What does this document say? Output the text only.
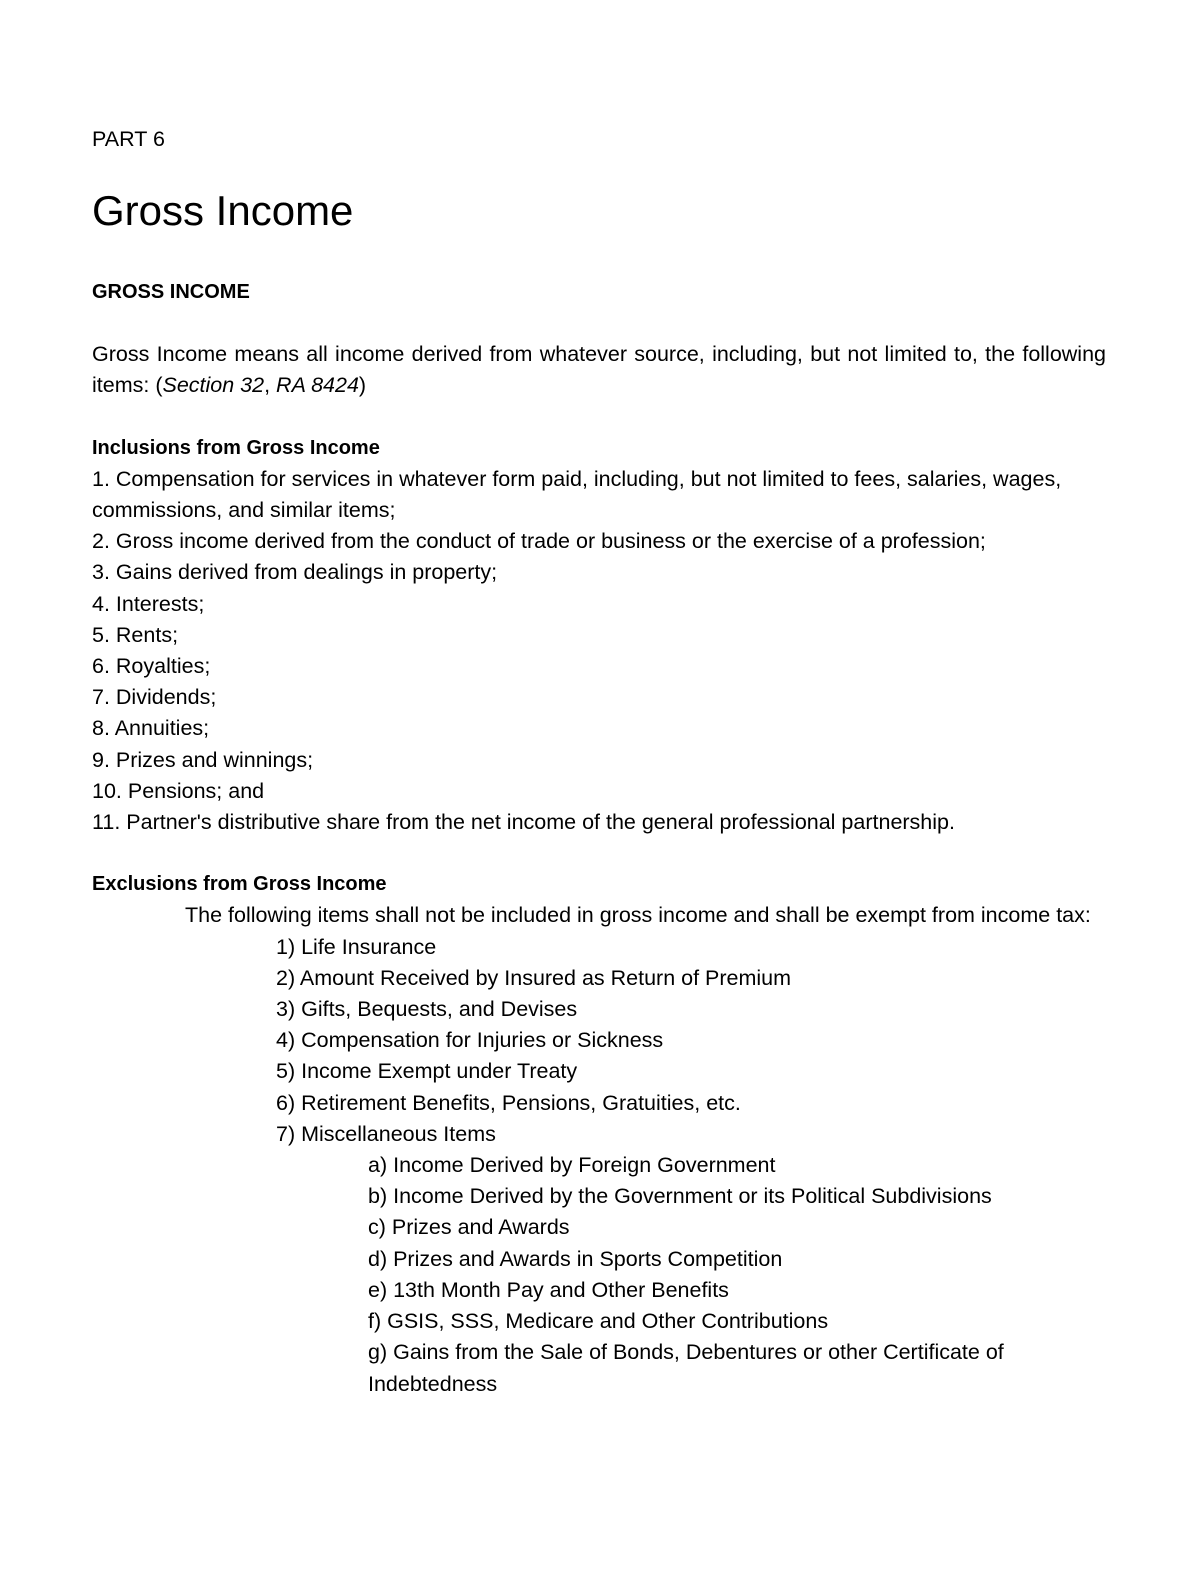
PART 6

Gross Income

GROSS INCOME

Gross Income means all income derived from whatever source, including, but not limited to, the following items: (Section 32, RA 8424)

Inclusions from Gross Income

1. Compensation for services in whatever form paid, including, but not limited to fees, salaries, wages, commissions, and similar items;
2. Gross income derived from the conduct of trade or business or the exercise of a profession;
3. Gains derived from dealings in property;
4. Interests;
5. Rents;
6. Royalties;
7. Dividends;
8. Annuities;
9. Prizes and winnings;
10. Pensions; and
11. Partner's distributive share from the net income of the general professional partnership.

Exclusions from Gross Income

The following items shall not be included in gross income and shall be exempt from income tax:

1) Life Insurance
2) Amount Received by Insured as Return of Premium
3) Gifts, Bequests, and Devises
4) Compensation for Injuries or Sickness
5) Income Exempt under Treaty
6) Retirement Benefits, Pensions, Gratuities, etc.
7) Miscellaneous Items
a) Income Derived by Foreign Government
b) Income Derived by the Government or its Political Subdivisions
c) Prizes and Awards
d) Prizes and Awards in Sports Competition
e) 13th Month Pay and Other Benefits
f) GSIS, SSS, Medicare and Other Contributions
g) Gains from the Sale of Bonds, Debentures or other Certificate of Indebtedness
